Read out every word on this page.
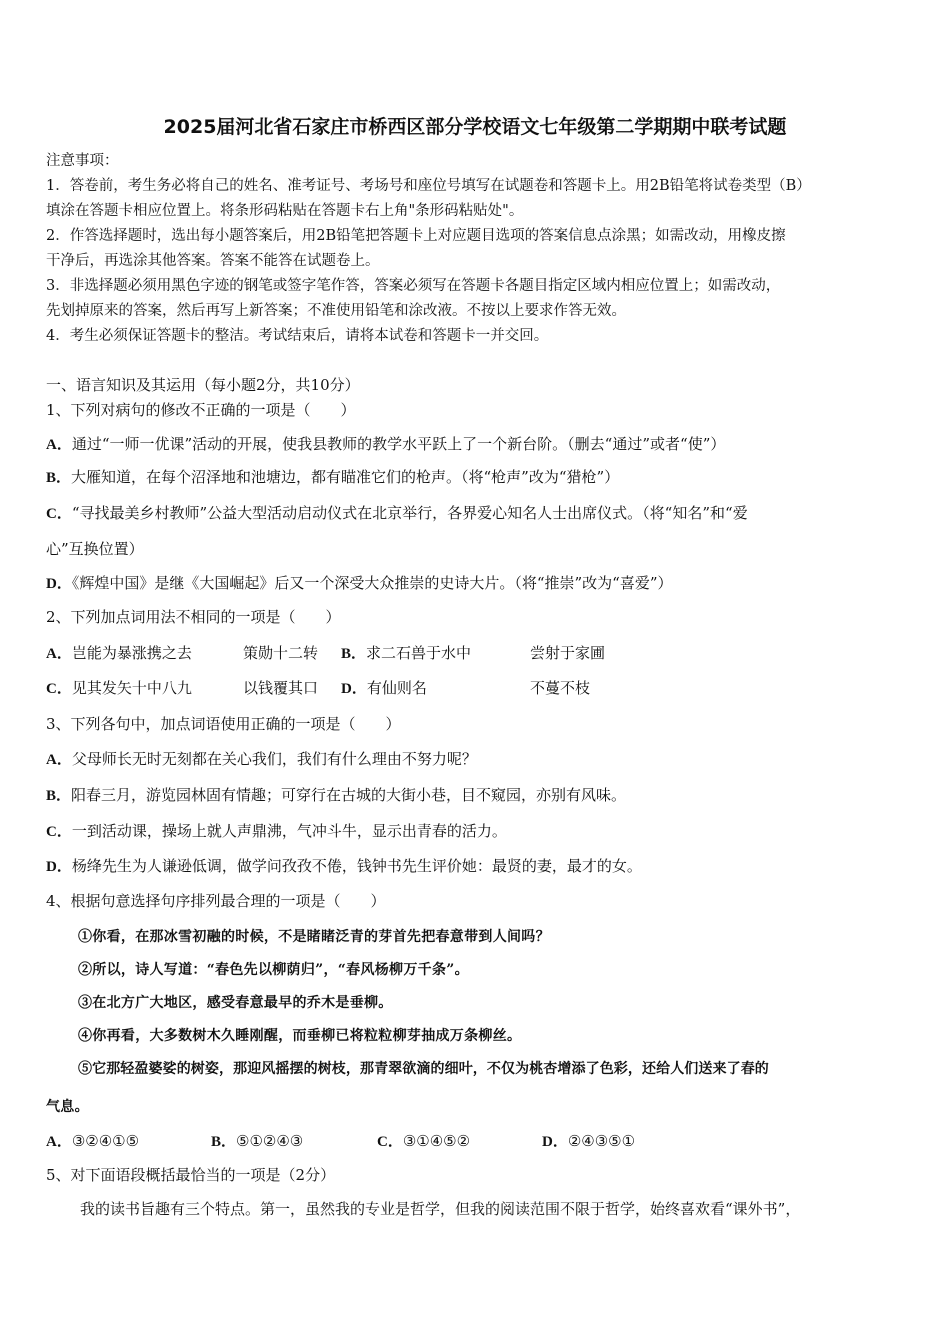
2025届河北省石家庄市桥西区部分学校语文七年级第二学期期中联考试题
注意事项：
1．答卷前，考生务必将自己的姓名、准考证号、考场号和座位号填写在试题卷和答题卡上。用2B铅笔将试卷类型（B）
填涂在答题卡相应位置上。将条形码粘贴在答题卡右上角"条形码粘贴处"。
2．作答选择题时，选出每小题答案后，用2B铅笔把答题卡上对应题目选项的答案信息点涂黑；如需改动，用橡皮擦
干净后，再选涂其他答案。答案不能答在试题卷上。
3．非选择题必须用黑色字迹的钢笔或签字笔作答，答案必须写在答题卡各题目指定区域内相应位置上；如需改动，
先划掉原来的答案，然后再写上新答案；不准使用铅笔和涂改液。不按以上要求作答无效。
4．考生必须保证答题卡的整洁。考试结束后，请将本试卷和答题卡一并交回。
一、语言知识及其运用（每小题2分，共10分）
1、下列对病句的修改不正确的一项是（　　）
A．通过“一师一优课”活动的开展，使我县教师的教学水平跃上了一个新台阶。（删去“通过”或者“使”）
B．大雁知道，在每个沼泽地和池塘边，都有瞄准它们的枪声。（将“枪声”改为“猎枪”）
C．“寻找最美乡村教师”公益大型活动启动仪式在北京举行，各界爱心知名人士出席仪式。（将“知名”和“爱
心”互换位置）
D．《辉煌中国》是继《大国崛起》后又一个深受大众推崇的史诗大片。（将“推崇”改为“喜爱”）
2、下列加点词用法不相同的一项是（　　）
A．岂能为暴涨携之去	策勋十二转 B．求二石兽于水中	尝射于家圃
C．见其发矢十中八九	以钱覆其口 D．有仙则名	不蔓不枝
3、下列各句中，加点词语使用正确的一项是（　　）
A．父母师长无时无刻都在关心我们，我们有什么理由不努力呢？
B．阳春三月，游览园林固有情趣；可穿行在古城的大街小巷，目不窥园，亦别有风味。
C．一到活动课，操场上就人声鼎沸，气冲斗牛，显示出青春的活力。
D．杨绛先生为人谦逊低调，做学问孜孜不倦，钱钟书先生评价她：最贤的妻，最才的女。
4、根据句意选择句序排列最合理的一项是（　　）
①你看，在那冰雪初融的时候，不是睹睹泛青的芽首先把春意带到人间吗？
②所以，诗人写道：“春色先以柳荫归”，“春风杨柳万千条”。
③在北方广大地区，感受春意最早的乔木是垂柳。
④你再看，大多数树木久睡刚醒，而垂柳已将粒粒柳芽抽成万条柳丝。
⑤它那轻盈婆娑的树姿，那迎风摇摆的树枝，那青翠欲滴的细叶，不仅为桃杏增添了色彩，还给人们送来了春的
气息。
A．③②④①⑤	B．⑤①②④③	C．③①④⑤②	D．②④③⑤①
5、对下面语段概括最恰当的一项是（2分）
我的读书旨趣有三个特点。第一，虽然我的专业是哲学，但我的阅读范围不限于哲学，始终喜欢看“课外书”，
